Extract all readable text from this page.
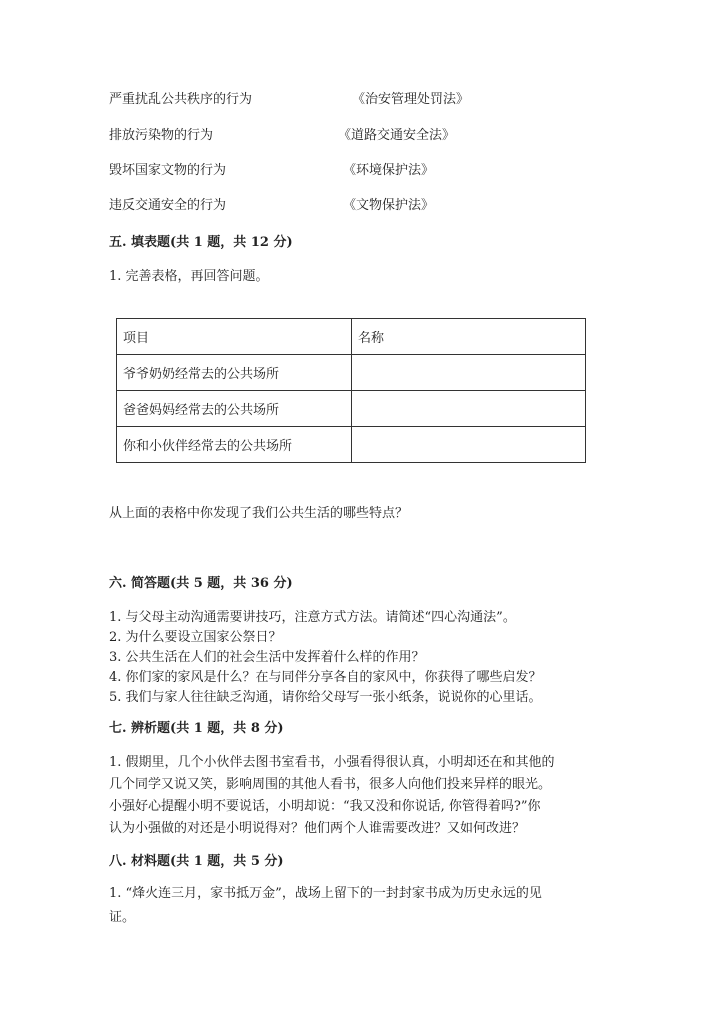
严重扰乱公共秩序的行为	《治安管理处罚法》
排放污染物的行为	《道路交通安全法》
毁坏国家文物的行为	《环境保护法》
违反交通安全的行为	《文物保护法》
五. 填表题(共 1 题，共 12 分)
1. 完善表格，再回答问题。
项目	名称
爷爷奶奶经常去的公共场所	
爸爸妈妈经常去的公共场所	
你和小伙伴经常去的公共场所	
从上面的表格中你发现了我们公共生活的哪些特点？
六. 简答题(共 5 题，共 36 分)
1. 与父母主动沟通需要讲技巧，注意方式方法。请简述“四心沟通法”。
2. 为什么要设立国家公祭日？
3. 公共生活在人们的社会生活中发挥着什么样的作用？
4. 你们家的家风是什么？在与同伴分享各自的家风中，你获得了哪些启发？
5. 我们与家人往往缺乏沟通，请你给父母写一张小纸条，说说你的心里话。
七. 辨析题(共 1 题，共 8 分)
1. 假期里，几个小伙伴去图书室看书，小强看得很认真，小明却还在和其他的
几个同学又说又笑，影响周围的其他人看书，很多人向他们投来异样的眼光。
小强好心提醒小明不要说话，小明却说：“我又没和你说话, 你管得着吗?”你
认为小强做的对还是小明说得对？他们两个人谁需要改进？又如何改进？
八. 材料题(共 1 题，共 5 分)
1. “烽火连三月，家书抵万金”，战场上留下的一封封家书成为历史永远的见
证。
